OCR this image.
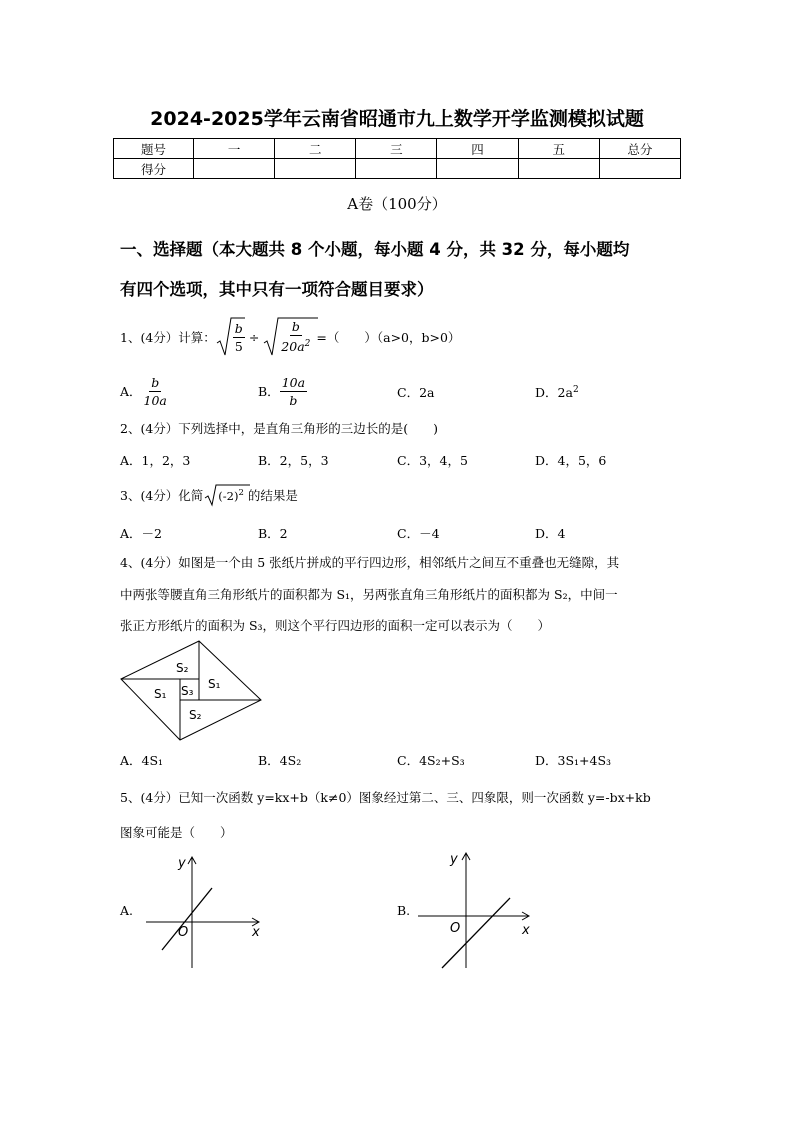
2024-2025学年云南省昭通市九上数学开学监测模拟试题
题号	一	二	三	四	五	总分
得分						
A卷（100分）
一、选择题（本大题共 8 个小题，每小题 4 分，共 32 分，每小题均
有四个选项，其中只有一项符合题目要求）
1、(4分）计算： $\frac{b}{5} \div \frac{b}{20a^2}$ =（　　）（a>0，b>0）
A． $\frac{b}{10a}$	B． $\frac{10a}{b}$	C．2a	D．$2a^2$
2、(4分）下列选择中，是直角三角形的三边长的是(　　)
A．1，2，3	B．2，5，3	C．3，4，5	D．4，5，6
3、(4分）化简 $(-2)^2$ 的结果是
A．－2	B．2	C．－4	D．4
4、(4分）如图是一个由 5 张纸片拼成的平行四边形，相邻纸片之间互不重叠也无缝隙，其
中两张等腰直角三角形纸片的面积都为 S₁，另两张直角三角形纸片的面积都为 S₂，中间一
张正方形纸片的面积为 S₃，则这个平行四边形的面积一定可以表示为（　　）
S₂
S₁
S₃
S₁
S₂
A．4S₁	B．4S₂	C．4S₂+S₃	D．3S₁+4S₃
5、(4分）已知一次函数 y=kx+b（k≠0）图象经过第二、三、四象限，则一次函数 y=-bx+kb
图象可能是（　　）
A.
y
x
O
B.
y
x
O
